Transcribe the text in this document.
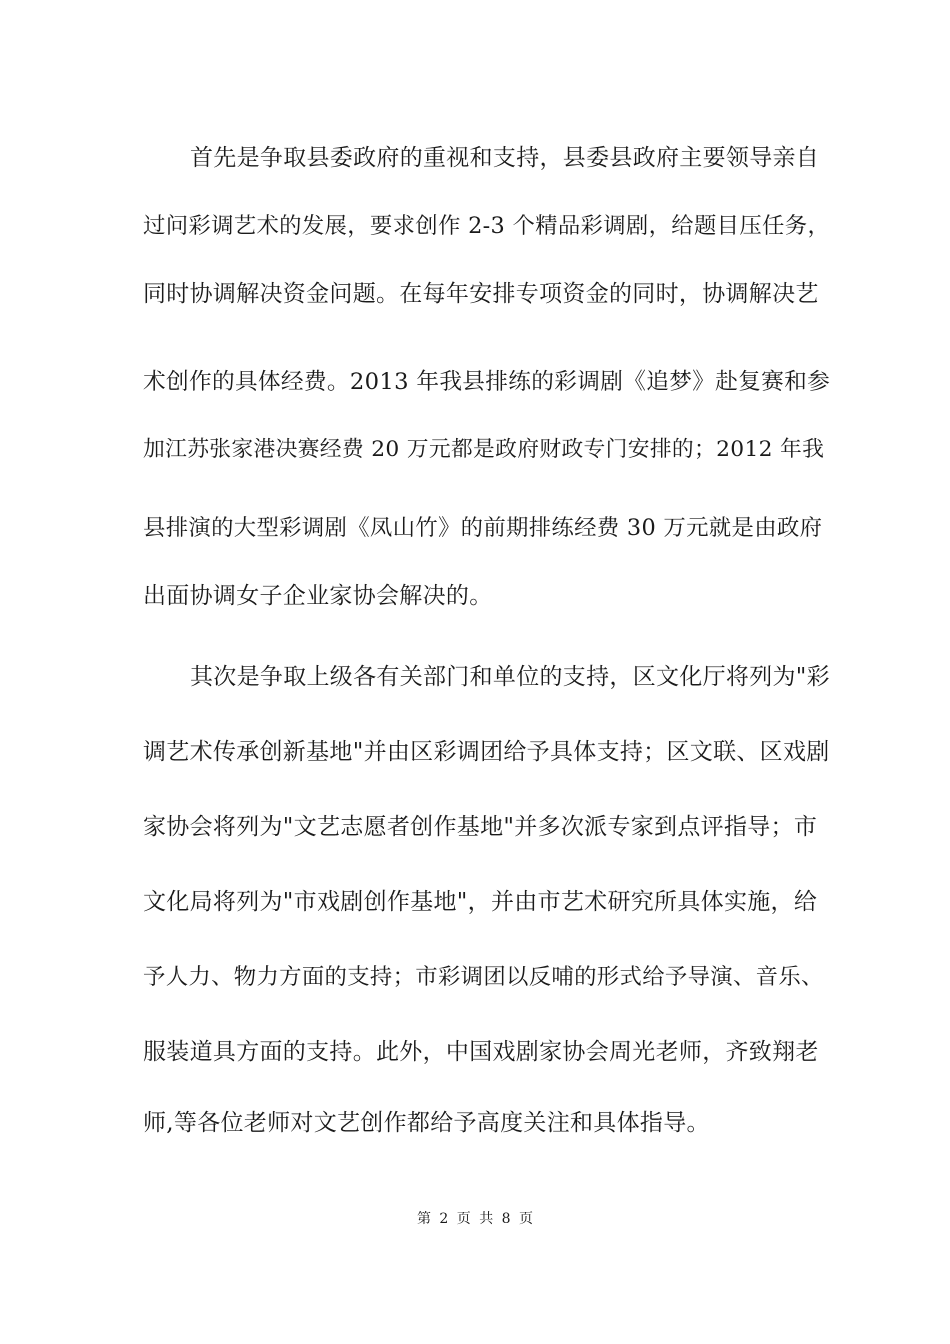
首先是争取县委政府的重视和支持，县委县政府主要领导亲自
过问彩调艺术的发展，要求创作 2-3 个精品彩调剧，给题目压任务，
同时协调解决资金问题。在每年安排专项资金的同时，协调解决艺
术创作的具体经费。2013 年我县排练的彩调剧《追梦》赴复赛和参
加江苏张家港决赛经费 20 万元都是政府财政专门安排的；2012 年我
县排演的大型彩调剧《凤山竹》的前期排练经费 30 万元就是由政府
出面协调女子企业家协会解决的。
其次是争取上级各有关部门和单位的支持，区文化厅将列为"彩
调艺术传承创新基地"并由区彩调团给予具体支持；区文联、区戏剧
家协会将列为"文艺志愿者创作基地"并多次派专家到点评指导；市
文化局将列为"市戏剧创作基地"，并由市艺术研究所具体实施，给
予人力、物力方面的支持；市彩调团以反哺的形式给予导演、音乐、
服装道具方面的支持。此外，中国戏剧家协会周光老师，齐致翔老
师,等各位老师对文艺创作都给予高度关注和具体指导。
第 2 页 共 8 页
